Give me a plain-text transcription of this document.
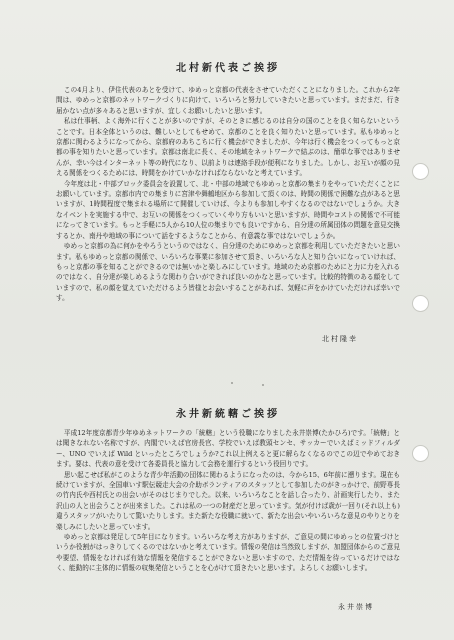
北村新代表ご挨拶

この4月より、伊住代表のあとを受けて、ゆめっと京都の代表をさせていただくことになりました。これから2年間は、ゆめっと京都のネットワークづくりに向けて、いろいろと努力していきたいと思っています。まだまだ、行き届かない点が多々あると思いますが、宜しくお願いしたいと思います。

私は仕事柄、よく海外に行くことが多いのですが、そのときに感じるのは自分の国のことを良く知らないということです。日本全体というのは、難しいとしてもせめて、京都のことを良く知りたいと思っています。私もゆめっと京都に関わるようになってから、京都府のあちこちに行く機会ができましたが、今年は行く機会をつくってもっと京都の事を知りたいと思っています。京都は南北に長く、その地域をネットワークで結ぶのは、簡単な事ではありませんが、幸い今はインターネット等の時代になり、以前よりは連絡手段が便利になりました。しかし、お互いが顔の見える関係をつくるためには、時間をかけていかなければならないなと考えています。

今年度は北・中部ブロック委員会を設置して、北・中部の地域でもゆめっと京都の集まりをやっていただくことにお願いしています。京都市内での集まりに宮津や舞鶴地区から参加して頂くのは、時間の関係で困難な点があると思いますが、1時間程度で集まれる場所にて開催していけば、今よりも参加しやすくなるのではないでしょうか。大きなイベントを実施する中で、お互いの関係をつくっていくやり方もいいと思いますが、時間やコストの関係で不可能になってきています。もっと手軽に5人から10人位の集まりでも良いですから、自分達の所属団体の問題を意見交換するとか、南丹や地域の事について話をするようなことから、有意義な事ではないでしょうか。

ゆめっと京都の為に何かをやろうというのではなく、自分達のためにゆめっと京都を利用していただきたいと思います。私もゆめっと京都の関係で、いろいろな事業に参加させて頂き、いろいろな人と知り合いになっていければ、もっと京都の事を知ることができるのでは無いかと楽しみにしています。地域のため京都のためにと力に力を入れるのではなく、自分達が楽しめるような関わり合いができれば良いのかなと思っています。比較的特徴のある顔をしていますので、私の顔を覚えていただけるよう皆様とお会いすることがあれば、気軽に声をかけていただければ幸いです。

北村隆幸
永井新統轄ご挨拶

平成12年度京都青少年ゆめネットワークの「統轄」という役職になりました永井崇博(たかひろ)です。「統轄」とは聞きなれない名称ですが、内閣でいえば官房長官、学校でいえば教頭センセ、サッカーでいえばミッドフィルダー、UNO でいえば Wild といったところでしょうか?これ以上例えると更に解らなくなるのでこの辺でやめておきます。要は、代表の意を受けて各委員長と協力して会務を運行するという役回りです。

思い起こせば私がこのような青少年活動の団体に関わるようになったのは、今から15、6年前に遡ります。現在も続けていますが、全国車いす駅伝競走大会の介助ボランティアのスタッフとして参加したのがきっかけで、前野専長の竹内氏や西村氏との出会いがそのはじまりでした。以来、いろいろなことを話し合ったり、計画実行したり、また沢山の人と出会うことが出来ました。これは私の一つの財産だと思っています。気が付けば歳が一回り(それ以上も)違うスタッフがいたりして驚いたりします。また新たな役職に就いて、新たな出会いやいろいろな意見のやりとりを楽しみにしたいと思っています。

ゆめっと京都は発足して5年目になります。いろいろな考え方がありますが、ご意見の間にゆめっとの位置づけというか役割がはっきりしてくるのではないかと考えています。情報の発信は当然致しますが、加盟団体からのご意見や要望、情報をなければ有効な情報を発信することができないと思いますので、ただ情報を待っているだけではなく、能動的に主体的に情報の収集発信ということを心がけて頂きたいと思います。よろしくお願いします。

永井崇博
